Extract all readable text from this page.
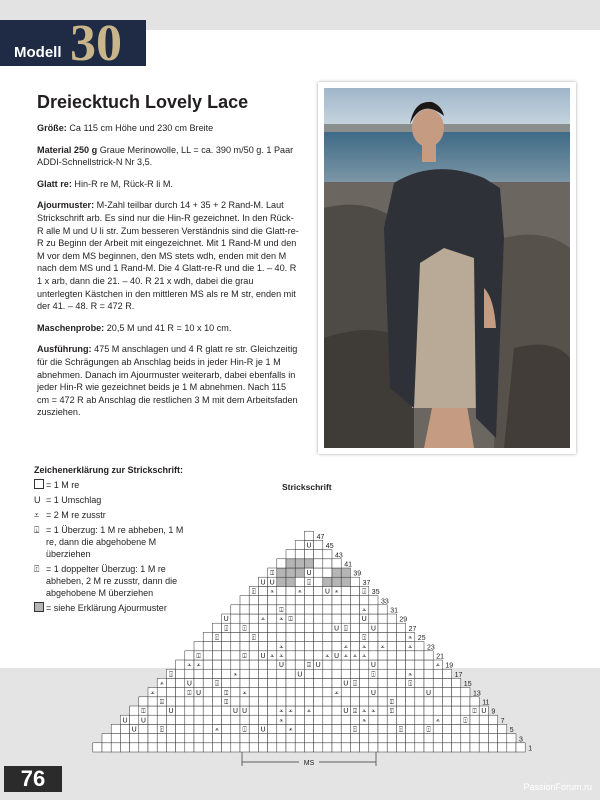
Modell 30
Dreiecktuch Lovely Lace

Größe: Ca 115 cm Höhe und 230 cm Breite

Material 250 g Graue Merinowolle, LL = ca. 390 m/50 g. 1 Paar ADDI-Schnellstrick-N Nr 3,5.

Glatt re: Hin-R re M, Rück-R li M.

Ajourmuster: M-Zahl teilbar durch 14 + 35 + 2 Rand-M. Laut Strickschrift arb. Es sind nur die Hin-R gezeichnet. In den Rück-R alle M und U li str. Zum besseren Verständnis sind die Glatt-re-R zu Beginn der Arbeit mit eingezeichnet. Mit 1 Rand-M und den M vor dem MS beginnen, den MS stets wdh, enden mit den M nach dem MS und 1 Rand-M. Die 4 Glatt-re-R und die 1. – 40. R 1 x arb, dann die 21. – 40. R 21 x wdh, dabei die grau unterlegten Kästchen in den mittleren MS als re M str, enden mit der 41. – 48. R = 472 R.

Maschenprobe: 20,5 M und 41 R = 10 x 10 cm.

Ausführung: 475 M anschlagen und 4 R glatt re str. Gleichzeitig für die Schrägungen ab Anschlag beids in jeder Hin-R je 1 M abnehmen. Danach im Ajourmuster weiterarb, dabei ebenfalls in jeder Hin-R wie gezeichnet beids je 1 M abnehmen. Nach 115 cm = 472 R ab Anschlag die restlichen 3 M mit dem Arbeitsfaden zusziehen.

Zeichenerklärung zur Strickschrift:
= 1 M re
U = 1 Umschlag
⩡ = 2 M re zusstr
⍗ = 1 Überzug: 1 M re abheben, 1 M re, dann die abgehobene M überziehen
⍐ = 1 doppelter Überzug: 1 M re abheben, 2 M re zusstr, dann die abgehobene M überziehen
= siehe Erklärung Ajourmuster
Strickschrift
1
3
U	⍐	⩡	⍗ U	⩡	⍐	⍐	⍐	5
U U	⩡	⩡	⩡	⍐	7
⍐	U	U U	⩡ ⩡ ⩡	U ⍗ ⩡ ⩡ ⍐	⍐ U 9
⍗	⍐	⍐	11
⩡	⍗ U	⍐ ⩡	⩡	U	U	13
⩡	U	⍗	U ⍗	⍐	15
⍗	⩡	U	⍐	⩡	17
⩡ ⩡	U	⍗ U	U	⩡ 19
⍗	⍗ U ⩡ ⩡	⩡ U ⩡ ⩡ ⩡	21
⩡	⩡ ⩡ ⩡	⩡ 23
⍐	⍐	⍐	⩡ 25
⍗ ⍐	U ⍗	U	27
U	⩡ ⩡ ⍗	U	29
⍗	⩡	31
33
⍐ ⩡	⩡	U ⩡	⍗ 35
U U	⍗	37
⍐	U	39
41
43
U 45
47
MS
76	PassionForum.ru
